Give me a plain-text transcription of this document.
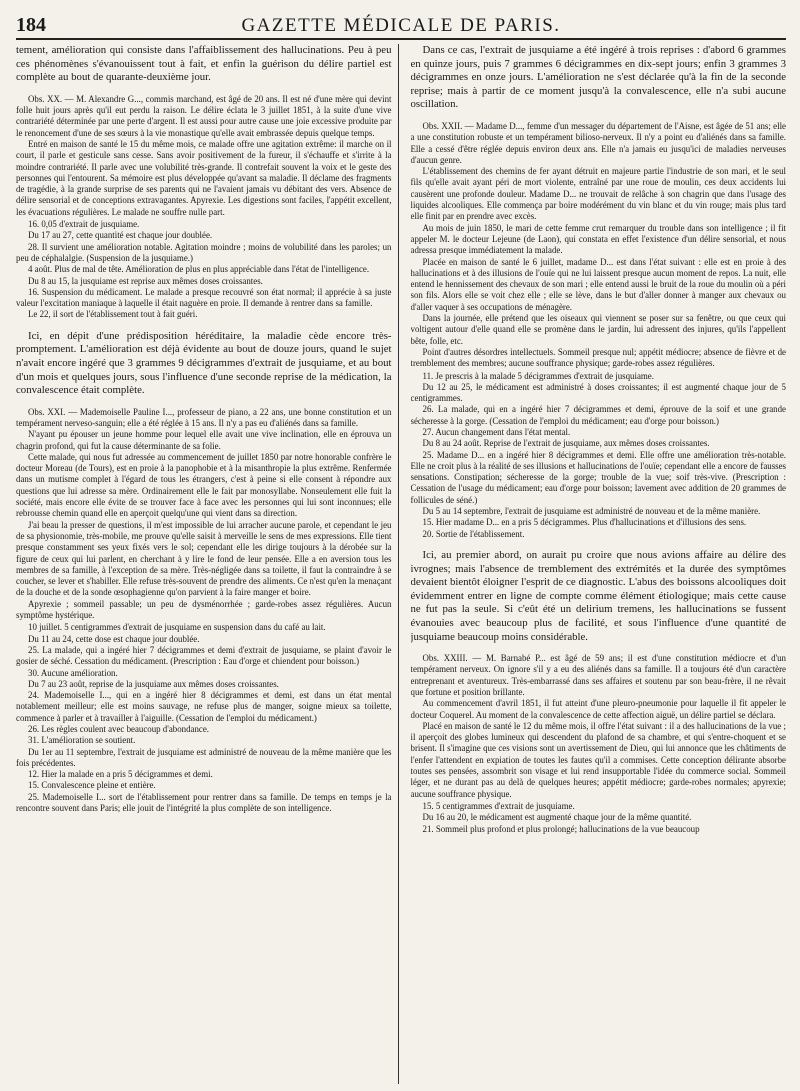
184	GAZETTE MÉDICALE DE PARIS.

tement, amélioration qui consiste dans l'affaiblissement des hallucinations. Peu à peu ces phénomènes s'évanouissent tout à fait, et enfin la guérison du délire partiel est complète au bout de quarante-deuxième jour.

Obs. XX. — M. Alexandre G..., commis marchand, est âgé de 20 ans. Il est né d'une mère qui devint folle huit jours après qu'il eut perdu la raison. Le délire éclata le 3 juillet 1851, à la suite d'une vive contrariété déterminée par une perte d'argent. Il est aussi pour autre cause une joie excessive produite par le renoncement d'une de ses sœurs à la vie monastique qu'elle avait embrassée depuis quelque temps.

Entré en maison de santé le 15 du même mois, ce malade offre une agitation extrême: il marche on il court, il parle et gesticule sans cesse. Sans avoir positivement de la fureur, il s'échauffe et s'irrite à la moindre contrariété. Il parle avec une volubilité très-grande. Il contrefait souvent la voix et le geste des personnes qui l'entourent. Sa mémoire est plus développée qu'avant sa maladie. Il déclame des fragments de tragédie, à la grande surprise de ses parents qui ne l'avaient jamais vu débitant des vers. Absence de délire sensorial et de conceptions extravagantes. Apyrexie. Les digestions sont faciles, l'appétit excellent, les évacuations régulières. Le malade ne souffre nulle part.

16. 0,05 d'extrait de jusquiame.

Du 17 au 27, cette quantité est chaque jour doublée.

28. Il survient une amélioration notable. Agitation moindre ; moins de volubilité dans les paroles; un peu de céphalalgie. (Suspension de la jusquiame.)

4 août. Plus de mal de tête. Amélioration de plus en plus appréciable dans l'état de l'intelligence.

Du 8 au 15, la jusquiame est reprise aux mêmes doses croissantes.

16. Suspension du médicament. Le malade a presque recouvré son état normal; il apprécie à sa juste valeur l'excitation maniaque à laquelle il était naguère en proie. Il demande à rentrer dans sa famille.

Le 22, il sort de l'établissement tout à fait guéri.

Ici, en dépit d'une prédisposition héréditaire, la maladie cède encore très-promptement. L'amélioration est déjà évidente au bout de douze jours, quand le sujet n'avait encore ingéré que 3 grammes 9 décigrammes d'extrait de jusquiame, et au bout d'un mois et quelques jours, sous l'influence d'une seconde reprise de la médication, la convalescence était complète.

Obs. XXI. — Mademoiselle Pauline I..., professeur de piano, a 22 ans, une bonne constitution et un tempérament nerveso-sanguin; elle a été réglée à 15 ans. Il n'y a pas eu d'aliénés dans sa famille.

N'ayant pu épouser un jeune homme pour lequel elle avait une vive inclination, elle en éprouva un chagrin profond, qui fut la cause déterminante de sa folie.

Cette malade, qui nous fut adressée au commencement de juillet 1850 par notre honorable confrère le docteur Moreau (de Tours), est en proie à la panophobie et à la misanthropie la plus extrême. Renfermée dans un mutisme complet à l'égard de tous les étrangers, c'est à peine si elle consent à répondre aux questions que lui adresse sa mère. Ordinairement elle le fait par monosyllabe. Nonseulement elle fuit la société, mais encore elle évite de se trouver face à face avec les personnes qui lui sont inconnues; elle rebrousse chemin quand elle en aperçoit quelqu'une qui vient dans sa direction.

J'ai beau la presser de questions, il m'est impossible de lui arracher aucune parole, et cependant le jeu de sa physionomie, très-mobile, me prouve qu'elle saisit à merveille le sens de mes expressions. Elle tient presque constamment ses yeux fixés vers le sol; cependant elle les dirige toujours à la dérobée sur la figure de ceux qui lui parlent, en cherchant à y lire le fond de leur pensée. Elle a en aversion tous les membres de sa famille, à l'exception de sa mère. Très-négligée dans sa toilette, il faut la contraindre à se coucher, se lever et s'habiller. Elle refuse très-souvent de prendre des aliments. Ce n'est qu'en la menaçant de la douche et de la sonde œsophagienne qu'on parvient à la faire manger et boire.

Apyrexie ; sommeil passable; un peu de dysménorrhée ; garde-robes assez régulières. Aucun symptôme hystérique.

10 juillet. 5 centigrammes d'extrait de jusquiame en suspension dans du café au lait.

Du 11 au 24, cette dose est chaque jour doublée.

25. La malade, qui a ingéré hier 7 décigrammes et demi d'extrait de jusquiame, se plaint d'avoir le gosier de séché. Cessation du médicament. (Prescription : Eau d'orge et chiendent pour boisson.)

30. Aucune amélioration.

Du 7 au 23 août, reprise de la jusquiame aux mêmes doses croissantes.

24. Mademoiselle I..., qui en a ingéré hier 8 décigrammes et demi, est dans un état mental notablement meilleur; elle est moins sauvage, ne refuse plus de manger, soigne mieux sa toilette, commence à parler et à travailler à l'aiguille. (Cessation de l'emploi du médicament.)

26. Les règles coulent avec beaucoup d'abondance.

31. L'amélioration se soutient.

Du 1er au 11 septembre, l'extrait de jusquiame est administré de nouveau de la même manière que les fois précédentes.

12. Hier la malade en a pris 5 décigrammes et demi.

15. Convalescence pleine et entière.

25. Mademoiselle I... sort de l'établissement pour rentrer dans sa famille. De temps en temps je la rencontre souvent dans Paris; elle jouit de l'intégrité la plus complète de son intelligence.

Dans ce cas, l'extrait de jusquiame a été ingéré à trois reprises : d'abord 6 grammes en quinze jours, puis 7 grammes 6 décigrammes en dix-sept jours; enfin 3 grammes 3 décigrammes en onze jours. L'amélioration ne s'est déclarée qu'à la fin de la seconde reprise; mais à partir de ce moment jusqu'à la convalescence, elle n'a subi aucune oscillation.

Obs. XXII. — Madame D..., femme d'un messager du département de l'Aisne, est âgée de 51 ans; elle a une constitution robuste et un tempérament bilioso-nerveux. Il n'y a point eu d'aliénés dans sa famille. Elle a cessé d'être réglée depuis environ deux ans. Elle n'a jamais eu jusqu'ici de maladies nerveuses d'aucun genre.

L'établissement des chemins de fer ayant détruit en majeure partie l'industrie de son mari, et le seul fils qu'elle avait ayant péri de mort violente, entraîné par une roue de moulin, ces deux accidents lui causèrent une profonde douleur. Madame D... ne trouvait de relâche à son chagrin que dans l'usage des liquides alcooliques. Elle commença par boire modérément du vin blanc et du vin rouge; mais plus tard elle finit par en prendre avec excès.

Au mois de juin 1850, le mari de cette femme crut remarquer du trouble dans son intelligence ; il fit appeler M. le docteur Lejeune (de Laon), qui constata en effet l'existence d'un délire sensorial, et nous adressa presque immédiatement la malade.

Placée en maison de santé le 6 juillet, madame D... est dans l'état suivant : elle est en proie à des hallucinations et à des illusions de l'ouïe qui ne lui laissent presque aucun moment de repos. La nuit, elle entend le hennissement des chevaux de son mari ; elle entend aussi le bruit de la roue du moulin où a péri son fils. Alors elle se voit chez elle ; elle se lève, dans le but d'aller donner à manger aux chevaux ou d'aller vaquer à ses occupations de ménagère.

Dans la journée, elle prétend que les oiseaux qui viennent se poser sur sa fenêtre, ou que ceux qui voltigent autour d'elle quand elle se promène dans le jardin, lui adressent des injures, qu'ils l'appellent bête, folle, etc.

Point d'autres désordres intellectuels. Sommeil presque nul; appétit médiocre; absence de fièvre et de tremblement des membres; aucune souffrance physique; garde-robes assez régulières.

11. Je prescris à la malade 5 décigrammes d'extrait de jusquiame.

Du 12 au 25, le médicament est administré à doses croissantes; il est augmenté chaque jour de 5 centigrammes.

26. La malade, qui en a ingéré hier 7 décigrammes et demi, éprouve de la soif et une grande sécheresse à la gorge. (Cessation de l'emploi du médicament; eau d'orge pour boisson.)

27. Aucun changement dans l'état mental.

Du 8 au 24 août. Reprise de l'extrait de jusquiame, aux mêmes doses croissantes.

25. Madame D... en a ingéré hier 8 décigrammes et demi. Elle offre une amélioration très-notable. Elle ne croit plus à la réalité de ses illusions et hallucinations de l'ouïe; cependant elle a encore de fausses sensations. Constipation; sécheresse de la gorge; trouble de la vue; soif très-vive. (Prescription : Cessation de l'usage du médicament; eau d'orge pour boisson; lavement avec addition de 20 grammes de follicules de séné.)

Du 5 au 14 septembre, l'extrait de jusquiame est administré de nouveau et de la même manière.

15. Hier madame D... en a pris 5 décigrammes. Plus d'hallucinations et d'illusions des sens.

20. Sortie de l'établissement.

Ici, au premier abord, on aurait pu croire que nous avions affaire au délire des ivrognes; mais l'absence de tremblement des extrémités et la durée des symptômes devaient bientôt éloigner l'esprit de ce diagnostic. L'abus des boissons alcooliques doit évidemment entrer en ligne de compte comme élément étiologique; mais cette cause ne fut pas la seule. Si c'eût été un delirium tremens, les hallucinations se fussent évanouies avec beaucoup plus de facilité, et sous l'influence d'une quantité de jusquiame beaucoup moins considérable.

Obs. XXIII. — M. Barnabé P... est âgé de 59 ans; il est d'une constitution médiocre et d'un tempérament nerveux. On ignore s'il y a eu des aliénés dans sa famille. Il a toujours été d'un caractère entreprenant et aventureux. Très-embarrassé dans ses affaires et soutenu par son beau-frère, il ne rêvait que fortune et position brillante.

Au commencement d'avril 1851, il fut atteint d'une pleuro-pneumonie pour laquelle il fit appeler le docteur Coquerel. Au moment de la convalescence de cette affection aiguë, un délire partiel se déclara.

Placé en maison de santé le 12 du même mois, il offre l'état suivant : il a des hallucinations de la vue ; il aperçoit des globes lumineux qui descendent du plafond de sa chambre, et qui s'entre-choquent et se brisent. Il s'imagine que ces visions sont un avertissement de Dieu, qui lui annonce que les châtiments de l'enfer l'attendent en expiation de toutes les fautes qu'il a commises. Cette conception délirante absorbe toutes ses pensées, assombrit son visage et lui rend insupportable l'idée du commerce social. Sommeil léger, et ne durant pas au delà de quelques heures; appétit médiocre; garde-robes normales; apyrexie; aucune souffrance physique.

15. 5 centigrammes d'extrait de jusquiame.

Du 16 au 20, le médicament est augmenté chaque jour de la même quantité.

21. Sommeil plus profond et plus prolongé; hallucinations de la vue beaucoup
